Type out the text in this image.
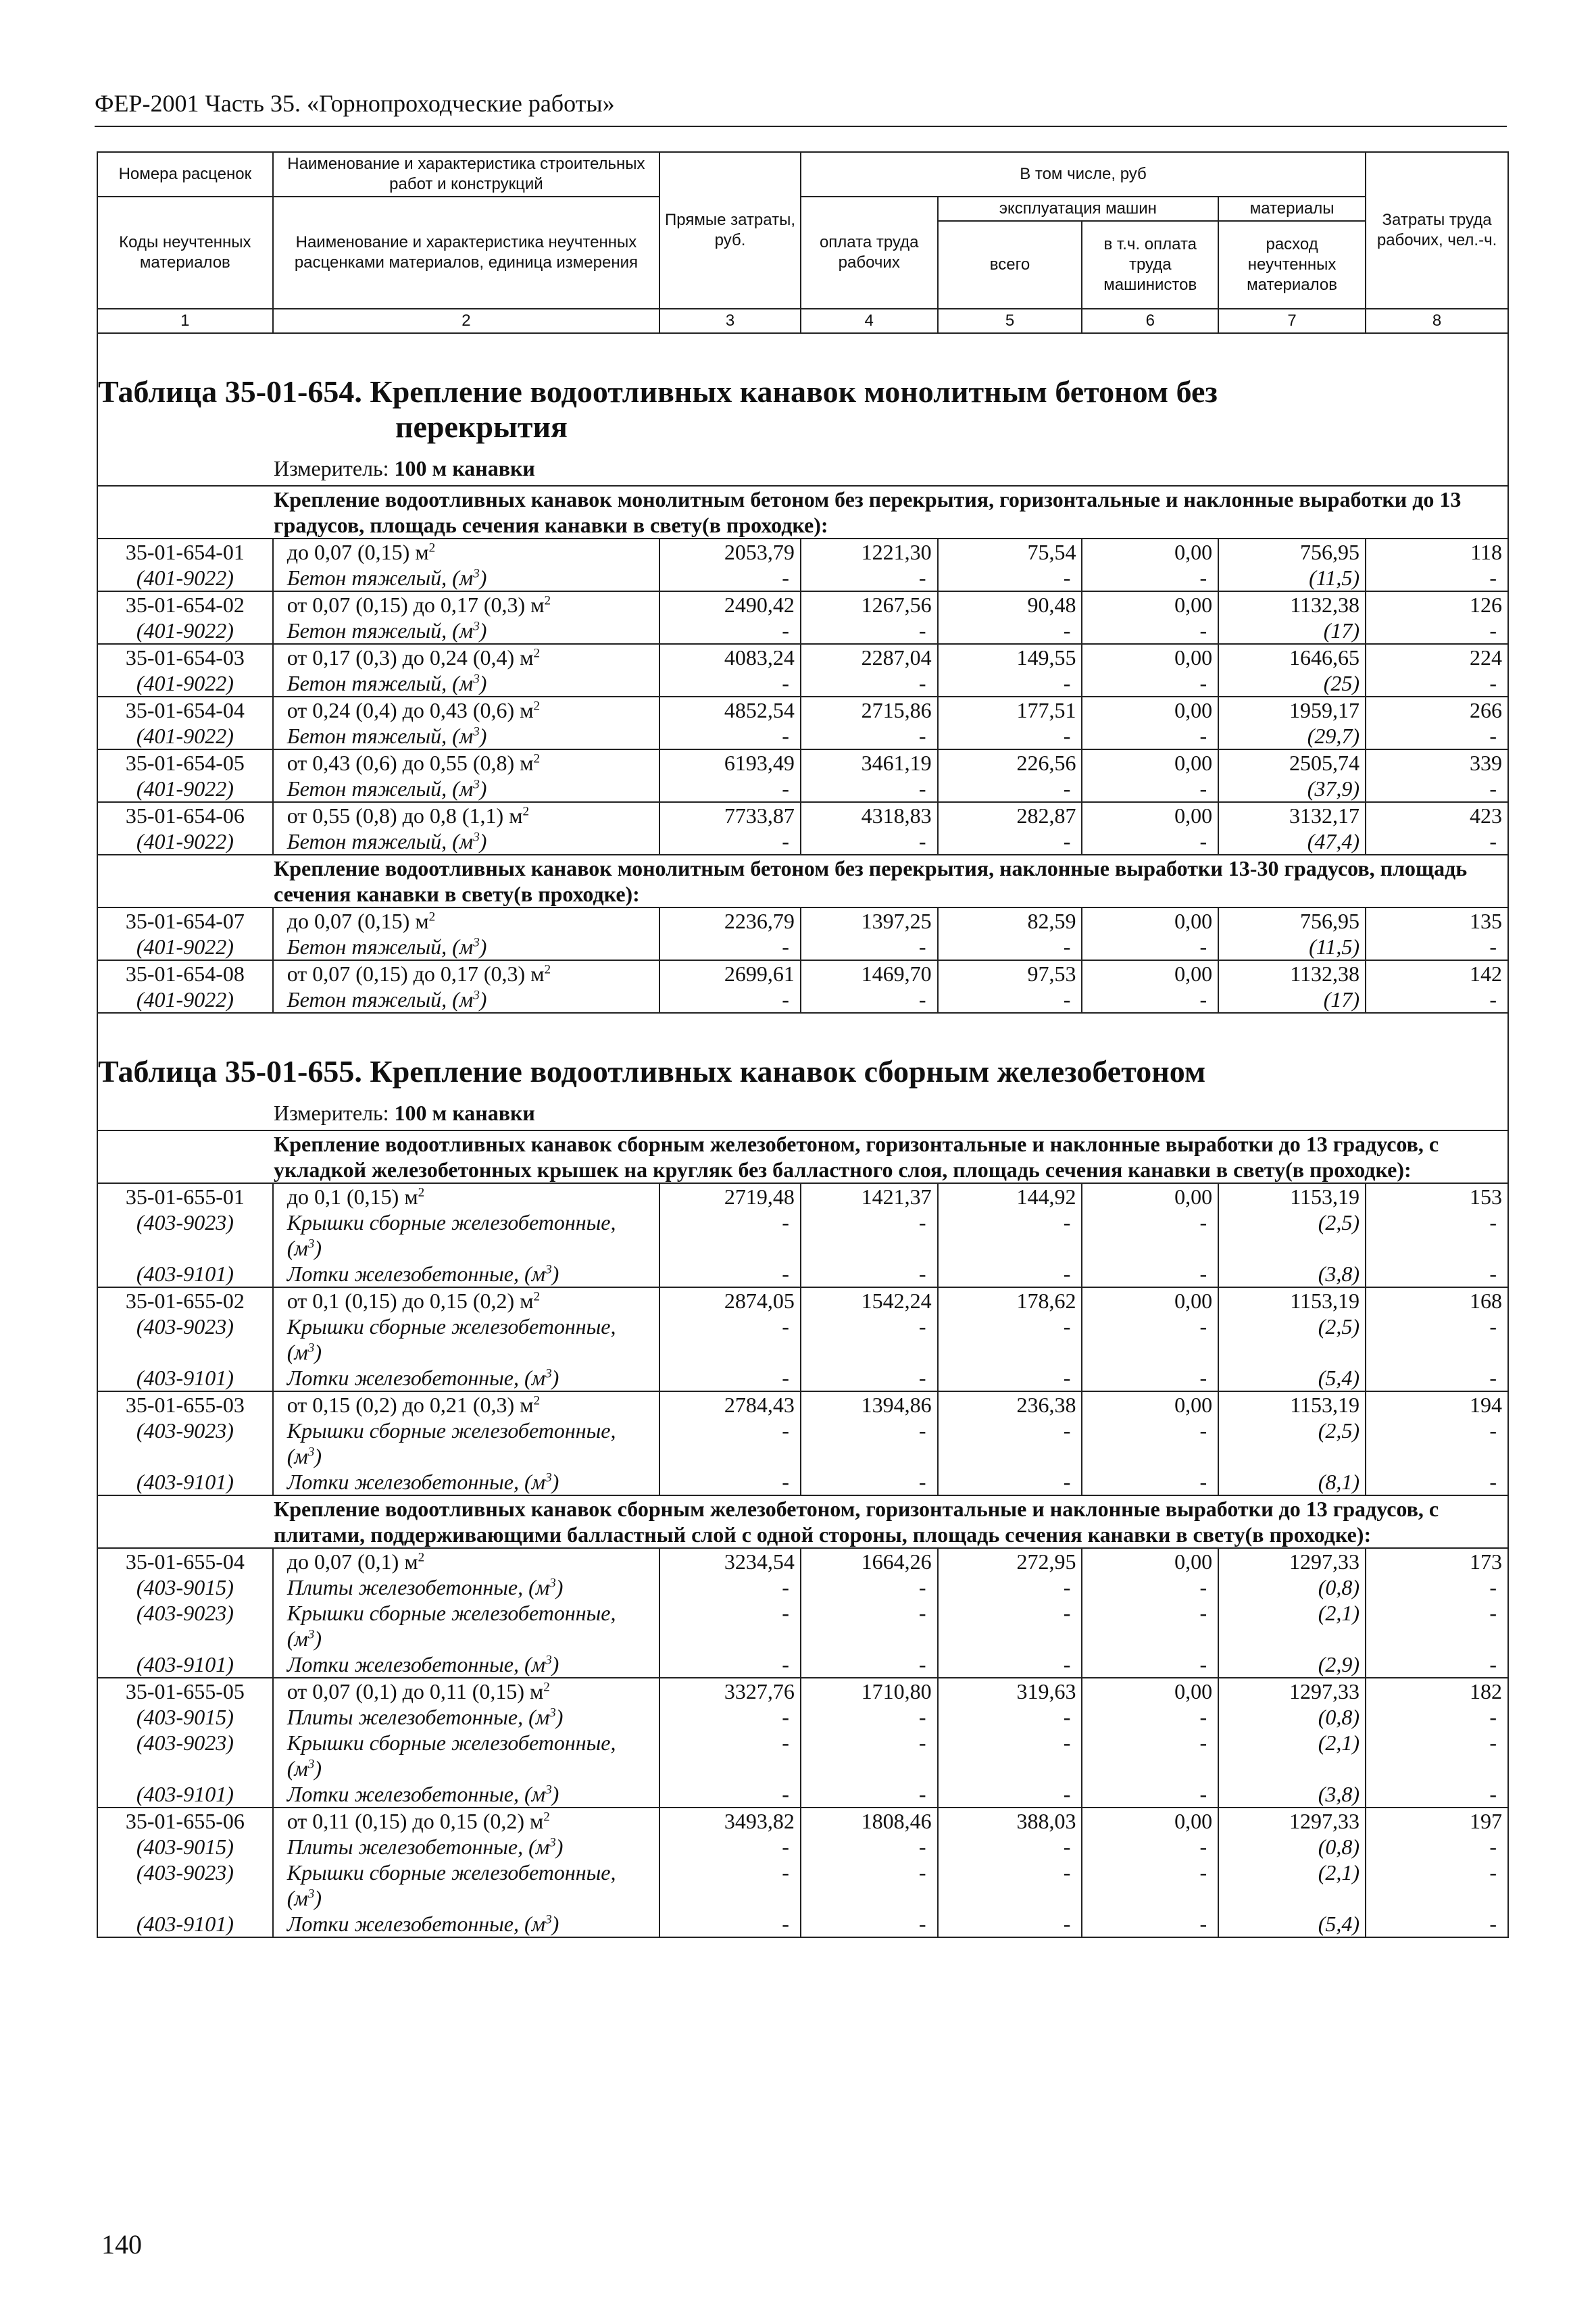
ФЕР-2001 Часть 35. «Горнопроходческие работы»
Номера расценок	Наименование и характеристика строительных работ и конструкций	Прямые затраты, руб.	В том числе, руб				Затраты труда рабочих, чел.-ч.
Коды неучтенных материалов	Наименование и характеристика неучтенных расценками материалов, единица измерения		оплата труда рабочих	эксплуатация машин		материалы	
				всего	в т.ч. оплата труда машинистов	расход неучтенных материалов	
1	2	3	4	5	6	7	8
Таблица 35-01-654. Крепление водоотливных канавок монолитным бетоном без
перекрытия
Измеритель: 100 м канавки							

Крепление водоотливных канавок монолитным бетоном без перекрытия, горизонтальные и наклонные выработки до 13 градусов, площадь сечения канавки в свету(в проходке):							
35-01-654-01	до 0,07 (0,15) $м^2$	2053,79	1221,30	75,54	0,00	756,95	118
(401-9022)	Бетон тяжелый, $(м^3)$	-	-	-	-	(11,5)	-
35-01-654-02	от 0,07 (0,15) до 0,17 (0,3) $м^2$	2490,42	1267,56	90,48	0,00	1132,38	126
(401-9022)	Бетон тяжелый, $(м^3)$	-	-	-	-	(17)	-
35-01-654-03	от 0,17 (0,3) до 0,24 (0,4) $м^2$	4083,24	2287,04	149,55	0,00	1646,65	224
(401-9022)	Бетон тяжелый, $(м^3)$	-	-	-	-	(25)	-
35-01-654-04	от 0,24 (0,4) до 0,43 (0,6) $м^2$	4852,54	2715,86	177,51	0,00	1959,17	266
(401-9022)	Бетон тяжелый, $(м^3)$	-	-	-	-	(29,7)	-
35-01-654-05	от 0,43 (0,6) до 0,55 (0,8) $м^2$	6193,49	3461,19	226,56	0,00	2505,74	339
(401-9022)	Бетон тяжелый, $(м^3)$	-	-	-	-	(37,9)	-
35-01-654-06	от 0,55 (0,8) до 0,8 (1,1) $м^2$	7733,87	4318,83	282,87	0,00	3132,17	423
(401-9022)	Бетон тяжелый, $(м^3)$	-	-	-	-	(47,4)	-
Крепление водоотливных канавок монолитным бетоном без перекрытия, наклонные выработки 13-30 градусов, площадь сечения канавки в свету(в проходке):							
35-01-654-07	до 0,07 (0,15) $м^2$	2236,79	1397,25	82,59	0,00	756,95	135
(401-9022)	Бетон тяжелый, $(м^3)$	-	-	-	-	(11,5)	-
35-01-654-08	от 0,07 (0,15) до 0,17 (0,3) $м^2$	2699,61	1469,70	97,53	0,00	1132,38	142
(401-9022)	Бетон тяжелый, $(м^3)$	-	-	-	-	(17)	-

Таблица 35-01-655. Крепление водоотливных канавок сборным железобетоном
Измеритель: 100 м канавки							

Крепление водоотливных канавок сборным железобетоном, горизонтальные и наклонные выработки до 13 градусов, с укладкой железобетонных крышек на кругляк без балластного слоя, площадь сечения канавки в свету(в проходке):							
35-01-655-01	до 0,1 (0,15) $м^2$	2719,48	1421,37	144,92	0,00	1153,19	153
(403-9023)	Крышки сборные железобетонные, $(м^3)$	-	-	-	-	(2,5)	-
(403-9101)	Лотки железобетонные, $(м^3)$	-	-	-	-	(3,8)	-
35-01-655-02	от 0,1 (0,15) до 0,15 (0,2) $м^2$	2874,05	1542,24	178,62	0,00	1153,19	168
(403-9023)	Крышки сборные железобетонные, $(м^3)$	-	-	-	-	(2,5)	-
(403-9101)	Лотки железобетонные, $(м^3)$	-	-	-	-	(5,4)	-
35-01-655-03	от 0,15 (0,2) до 0,21 (0,3) $м^2$	2784,43	1394,86	236,38	0,00	1153,19	194
(403-9023)	Крышки сборные железобетонные, $(м^3)$	-	-	-	-	(2,5)	-
(403-9101)	Лотки железобетонные, $(м^3)$	-	-	-	-	(8,1)	-
Крепление водоотливных канавок сборным железобетоном, горизонтальные и наклонные выработки до 13 градусов, с плитами, поддерживающими балластный слой с одной стороны, площадь сечения канавки в свету(в проходке):							
35-01-655-04	до 0,07 (0,1) $м^2$	3234,54	1664,26	272,95	0,00	1297,33	173
(403-9015)	Плиты железобетонные, $(м^3)$	-	-	-	-	(0,8)	-
(403-9023)	Крышки сборные железобетонные, $(м^3)$	-	-	-	-	(2,1)	-
(403-9101)	Лотки железобетонные, $(м^3)$	-	-	-	-	(2,9)	-
35-01-655-05	от 0,07 (0,1) до 0,11 (0,15) $м^2$	3327,76	1710,80	319,63	0,00	1297,33	182
(403-9015)	Плиты железобетонные, $(м^3)$	-	-	-	-	(0,8)	-
(403-9023)	Крышки сборные железобетонные, $(м^3)$	-	-	-	-	(2,1)	-
(403-9101)	Лотки железобетонные, $(м^3)$	-	-	-	-	(3,8)	-
35-01-655-06	от 0,11 (0,15) до 0,15 (0,2) $м^2$	3493,82	1808,46	388,03	0,00	1297,33	197
(403-9015)	Плиты железобетонные, $(м^3)$	-	-	-	-	(0,8)	-
(403-9023)	Крышки сборные железобетонные, $(м^3)$	-	-	-	-	(2,1)	-
(403-9101)	Лотки железобетонные, $(м^3)$	-	-	-	-	(5,4)	-

140
